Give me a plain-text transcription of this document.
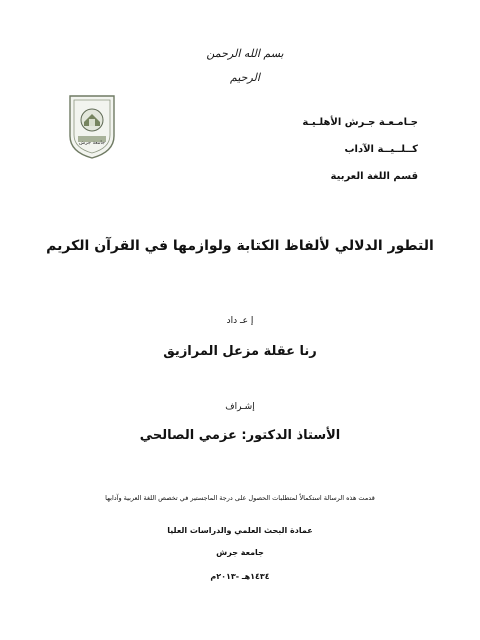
بسم الله الرحمن الرحيم
جامعة جرش
جـامـعـة جـرش الأهلـيـة
كــلــيــة الآداب
قسم اللغة العربية
التطور الدلالي لألفاظ الكتابة ولوازمها في القرآن الكريم
إ عـ داد
رنا عقلة مزعل المرازيق
إشـراف
الأستاذ الدكتور: عزمي الصالحي
قدمت هذه الرسالة استكمالاً لمتطلبات الحصول على درجة الماجستير في تخصص اللغة العربية وآدابها
عمادة البحث العلمي والدراسات العليا
جامعة جرش
١٤٣٤هـ -٢٠١٣م
